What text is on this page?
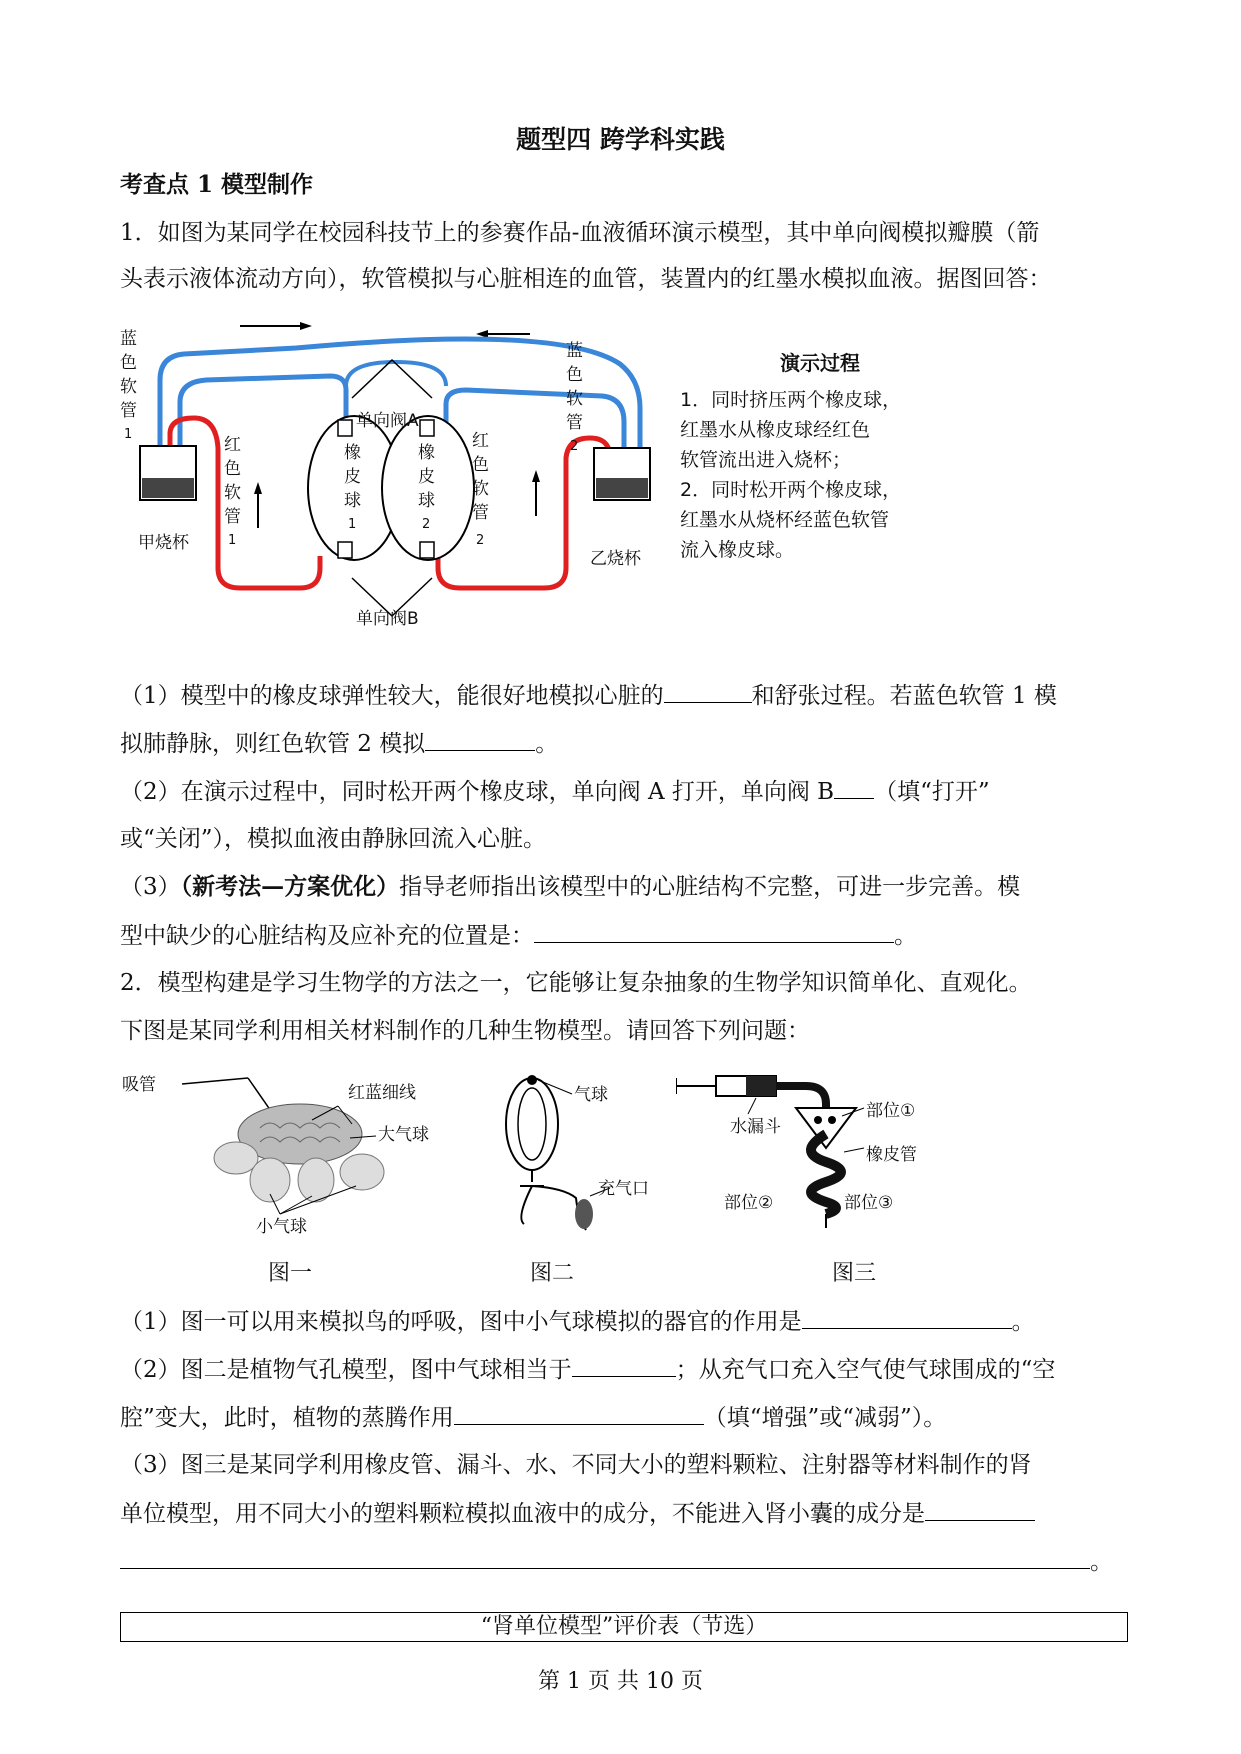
题型四 跨学科实践
考查点 1 模型制作
1．如图为某同学在校园科技节上的参赛作品-血液循环演示模型，其中单向阀模拟瓣膜（箭
头表示液体流动方向），软管模拟与心脏相连的血管，装置内的红墨水模拟血液。据图回答：
蓝
色
软
管
1
蓝
色
软
管
2
红
色
软
管
1
红
色
软
管
2
单向阀A
单向阀B
橡
皮
球
1
橡
皮
球
2
甲烧杯
乙烧杯
演示过程
1．同时挤压两个橡皮球，
红墨水从橡皮球经红色
软管流出进入烧杯；
2．同时松开两个橡皮球，
红墨水从烧杯经蓝色软管
流入橡皮球。
（1）模型中的橡皮球弹性较大，能很好地模拟心脏的	和舒张过程。若蓝色软管 1 模
拟肺静脉，则红色软管 2 模拟	。
（2）在演示过程中，同时松开两个橡皮球，单向阀 A 打开，单向阀 B （填“打开”
或“关闭”），模拟血液由静脉回流入心脏。
（3）（新考法—方案优化）指导老师指出该模型中的心脏结构不完整，可进一步完善。模
型中缺少的心脏结构及应补充的位置是：	。
2．模型构建是学习生物学的方法之一，它能够让复杂抽象的生物学知识简单化、直观化。
下图是某同学利用相关材料制作的几种生物模型。请回答下列问题：
吸管	红蓝细线
大气球
小气球
气球
充气口
部位①
水漏斗
橡皮管
部位②	部位③
图一	图二	图三
（1）图一可以用来模拟鸟的呼吸，图中小气球模拟的器官的作用是	。
（2）图二是植物气孔模型，图中气球相当于	；从充气口充入空气使气球围成的“空
腔”变大，此时，植物的蒸腾作用	（填“增强”或“减弱”）。
（3）图三是某同学利用橡皮管、漏斗、水、不同大小的塑料颗粒、注射器等材料制作的肾
单位模型，用不同大小的塑料颗粒模拟血液中的成分，不能进入肾小囊的成分是
。
“肾单位模型”评价表（节选）
第 1 页 共 10 页
